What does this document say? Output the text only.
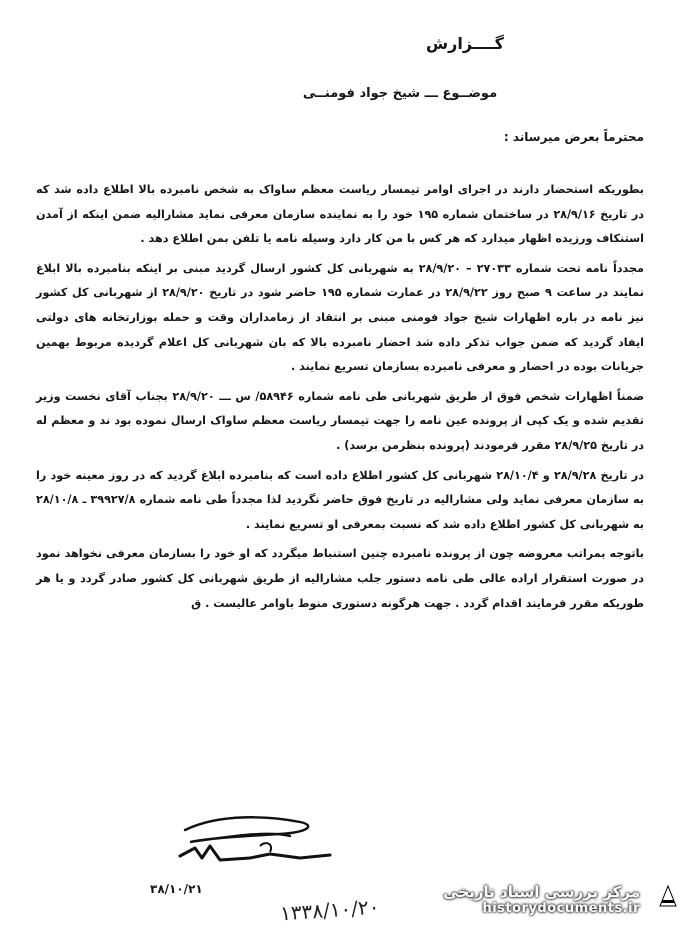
گــــزارش
موضــوع ـــ شیخ جواد فومنــی
محترماً بعرض میرساند :

بطوریکه استحضار دارند در اجرای اوامر تیمسار ریاست معظم ساواک به شخص نامبرده بالا اطلاع داده شد که در تاریخ ۲۸/۹/۱۶ در ساختمان شماره ۱۹۵ خود را به نماینده سازمان معرفی نماید مشارالیه ضمن اینکه از آمدن استنکاف ورزیده اظهار میدارد که هر کس با من کار دارد وسیله نامه یا تلفن بمن اطلاع دهد .

مجدداً نامه تحت شماره ۲۷۰۳۳ – ۲۸/۹/۲۰ به شهربانی کل کشور ارسال گردید مبنی بر اینکه بنامبرده بالا ابلاغ نمایند در ساعت ۹ صبح روز ۲۸/۹/۲۲ در عمارت شماره ۱۹۵ حاضر شود در تاریخ ۲۸/۹/۲۰ از شهربانی کل کشور نیز نامه در باره اظهارات شیخ جواد فومنی مبنی بر انتقاد از زمامداران وقت و حمله بوزارتخانه های دولتی ایفاد گردید که ضمن جواب تذکر داده شد احضار نامبرده بالا که بان شهربانی کل اعلام گردیده مربوط بهمین جریانات بوده در احضار و معرفی نامبرده بسازمان تسریع نمایند .

ضمناً اظهارات شخص فوق از طریق شهربانی طی نامه شماره ۵۸۹۴۶/ س ـــ ۲۸/۹/۲۰ بجناب آقای نخست وزیر تقدیم شده و یک کپی از پرونده عین نامه را جهت تیمسار ریاست معظم ساواک ارسال نموده بود ند و معظم له در تاریخ ۲۸/۹/۲۵ مقرر فرمودند (پرونده بنظرمن برسد) .

در تاریخ ۲۸/۹/۲۸ و ۲۸/۱۰/۴ شهربانی کل کشور اطلاع داده است که بنامبرده ابلاغ گردید که در روز معینه خود را به سازمان معرفی نماید ولی مشارالیه در تاریخ فوق حاضر نگردید لذا مجدداً طی نامه شماره ۳۹۹۲۷/۸ ـ ۲۸/۱۰/۸ به شهربانی کل کشور اطلاع داده شد که نسبت بمعرفی او تسریع نمایند .

باتوجه بمراتب معروضه چون از پرونده نامبرده چنین استنباط میگردد که او خود را بسازمان معرفی نخواهد نمود در صورت استقرار اراده عالی طی نامه دستور جلب مشارالیه از طریق شهربانی کل کشور صادر گردد و یا هر طوریکه مقرر فرمایند اقدام گردد . جهت هرگونه دستوری منوط باوامر عالیست . ق

۳۸/۱۰/۲۱
۱۳۳۸/۱۰/۲۰
مرکز بررسی اسناد تاریخی
historydocuments.ir
